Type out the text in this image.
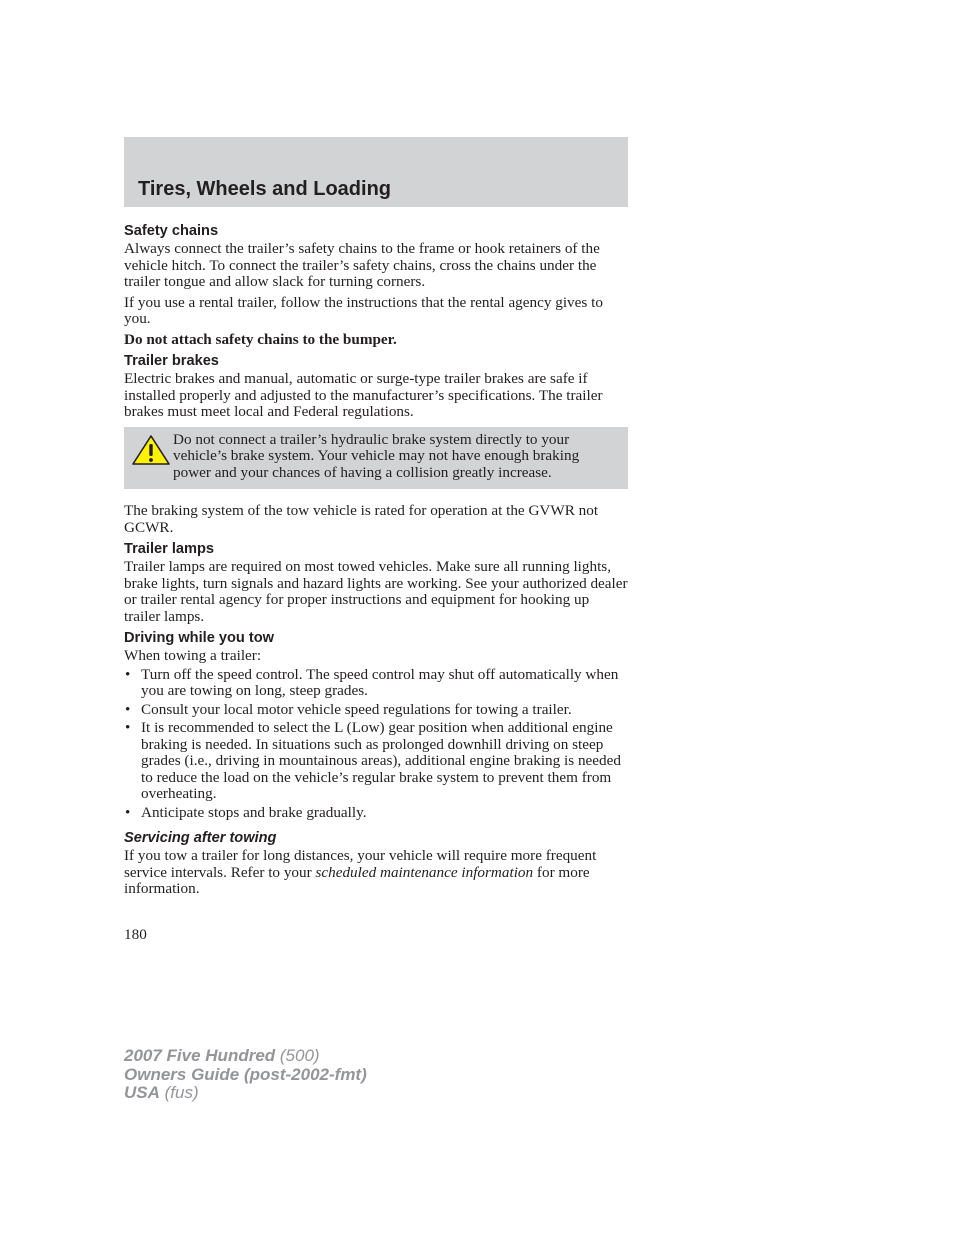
Tires, Wheels and Loading
Safety chains

Always connect the trailer’s safety chains to the frame or hook retainers of the vehicle hitch. To connect the trailer’s safety chains, cross the chains under the trailer tongue and allow slack for turning corners.

If you use a rental trailer, follow the instructions that the rental agency gives to you.

Do not attach safety chains to the bumper.

Trailer brakes

Electric brakes and manual, automatic or surge-type trailer brakes are safe if installed properly and adjusted to the manufacturer’s specifications. The trailer brakes must meet local and Federal regulations.

Do not connect a trailer’s hydraulic brake system directly to your vehicle’s brake system. Your vehicle may not have enough braking power and your chances of having a collision greatly increase.

The braking system of the tow vehicle is rated for operation at the GVWR not GCWR.

Trailer lamps

Trailer lamps are required on most towed vehicles. Make sure all running lights, brake lights, turn signals and hazard lights are working. See your authorized dealer or trailer rental agency for proper instructions and equipment for hooking up trailer lamps.

Driving while you tow

When towing a trailer:

• Turn off the speed control. The speed control may shut off automatically when you are towing on long, steep grades.
• Consult your local motor vehicle speed regulations for towing a trailer.
• It is recommended to select the L (Low) gear position when additional engine braking is needed. In situations such as prolonged downhill driving on steep grades (i.e., driving in mountainous areas), additional engine braking is needed to reduce the load on the vehicle’s regular brake system to prevent them from overheating.
• Anticipate stops and brake gradually.
Servicing after towing

If you tow a trailer for long distances, your vehicle will require more frequent service intervals. Refer to your scheduled maintenance information for more information.

180
2007 Five Hundred (500)
Owners Guide (post-2002-fmt)
USA (fus)
